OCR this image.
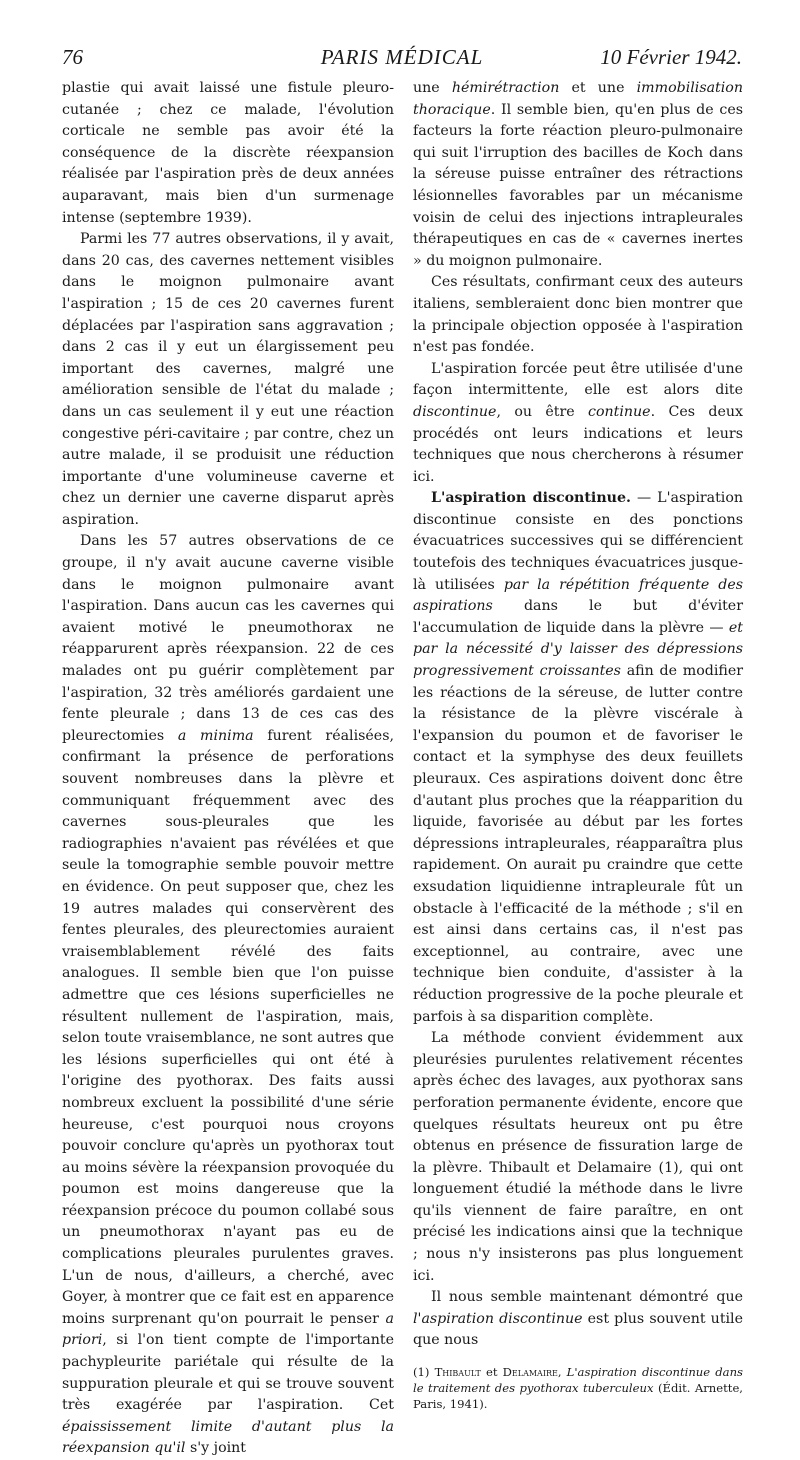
76	PARIS MÉDICAL	10 Février 1942.

plastie qui avait laissé une fistule pleuro-cutanée ; chez ce malade, l'évolution corticale ne semble pas avoir été la conséquence de la discrète réexpansion réalisée par l'aspiration près de deux années auparavant, mais bien d'un surmenage intense (septembre 1939).

Parmi les 77 autres observations, il y avait, dans 20 cas, des cavernes nettement visibles dans le moignon pulmonaire avant l'aspiration ; 15 de ces 20 cavernes furent déplacées par l'aspiration sans aggravation ; dans 2 cas il y eut un élargissement peu important des cavernes, malgré une amélioration sensible de l'état du malade ; dans un cas seulement il y eut une réaction congestive péri-cavitaire ; par contre, chez un autre malade, il se produisit une réduction importante d'une volumineuse caverne et chez un dernier une caverne disparut après aspiration.

Dans les 57 autres observations de ce groupe, il n'y avait aucune caverne visible dans le moignon pulmonaire avant l'aspiration. Dans aucun cas les cavernes qui avaient motivé le pneumothorax ne réapparurent après réexpansion. 22 de ces malades ont pu guérir complètement par l'aspiration, 32 très améliorés gardaient une fente pleurale ; dans 13 de ces cas des pleurectomies a minima furent réalisées, confirmant la présence de perforations souvent nombreuses dans la plèvre et communiquant fréquemment avec des cavernes sous-pleurales que les radiographies n'avaient pas révélées et que seule la tomographie semble pouvoir mettre en évidence. On peut supposer que, chez les 19 autres malades qui conservèrent des fentes pleurales, des pleurectomies auraient vraisemblablement révélé des faits analogues. Il semble bien que l'on puisse admettre que ces lésions superficielles ne résultent nullement de l'aspiration, mais, selon toute vraisemblance, ne sont autres que les lésions superficielles qui ont été à l'origine des pyothorax. Des faits aussi nombreux excluent la possibilité d'une série heureuse, c'est pourquoi nous croyons pouvoir conclure qu'après un pyothorax tout au moins sévère la réexpansion provoquée du poumon est moins dangereuse que la réexpansion précoce du poumon collabé sous un pneumothorax n'ayant pas eu de complications pleurales purulentes graves. L'un de nous, d'ailleurs, a cherché, avec Goyer, à montrer que ce fait est en apparence moins surprenant qu'on pourrait le penser a priori, si l'on tient compte de l'importante pachypleurite pariétale qui résulte de la suppuration pleurale et qui se trouve souvent très exagérée par l'aspiration. Cet épaississement limite d'autant plus la réexpansion qu'il s'y joint

une hémirétraction et une immobilisation thoracique. Il semble bien, qu'en plus de ces facteurs la forte réaction pleuro-pulmonaire qui suit l'irruption des bacilles de Koch dans la séreuse puisse entraîner des rétractions lésionnelles favorables par un mécanisme voisin de celui des injections intrapleurales thérapeutiques en cas de « cavernes inertes » du moignon pulmonaire.

Ces résultats, confirmant ceux des auteurs italiens, sembleraient donc bien montrer que la principale objection opposée à l'aspiration n'est pas fondée.

L'aspiration forcée peut être utilisée d'une façon intermittente, elle est alors dite discontinue, ou être continue. Ces deux procédés ont leurs indications et leurs techniques que nous chercherons à résumer ici.

L'aspiration discontinue. — L'aspiration discontinue consiste en des ponctions évacuatrices successives qui se différencient toutefois des techniques évacuatrices jusque-là utilisées par la répétition fréquente des aspirations dans le but d'éviter l'accumulation de liquide dans la plèvre — et par la nécessité d'y laisser des dépressions progressivement croissantes afin de modifier les réactions de la séreuse, de lutter contre la résistance de la plèvre viscérale à l'expansion du poumon et de favoriser le contact et la symphyse des deux feuillets pleuraux. Ces aspirations doivent donc être d'autant plus proches que la réapparition du liquide, favorisée au début par les fortes dépressions intrapleurales, réapparaîtra plus rapidement. On aurait pu craindre que cette exsudation liquidienne intrapleurale fût un obstacle à l'efficacité de la méthode ; s'il en est ainsi dans certains cas, il n'est pas exceptionnel, au contraire, avec une technique bien conduite, d'assister à la réduction progressive de la poche pleurale et parfois à sa disparition complète.

La méthode convient évidemment aux pleurésies purulentes relativement récentes après échec des lavages, aux pyothorax sans perforation permanente évidente, encore que quelques résultats heureux ont pu être obtenus en présence de fissuration large de la plèvre. Thibault et Delamaire (1), qui ont longuement étudié la méthode dans le livre qu'ils viennent de faire paraître, en ont précisé les indications ainsi que la technique ; nous n'y insisterons pas plus longuement ici.

Il nous semble maintenant démontré que l'aspiration discontinue est plus souvent utile que nous

(1) Thibault et Delamaire, L'aspiration discontinue dans le traitement des pyothorax tuberculeux (Édit. Arnette, Paris, 1941).
